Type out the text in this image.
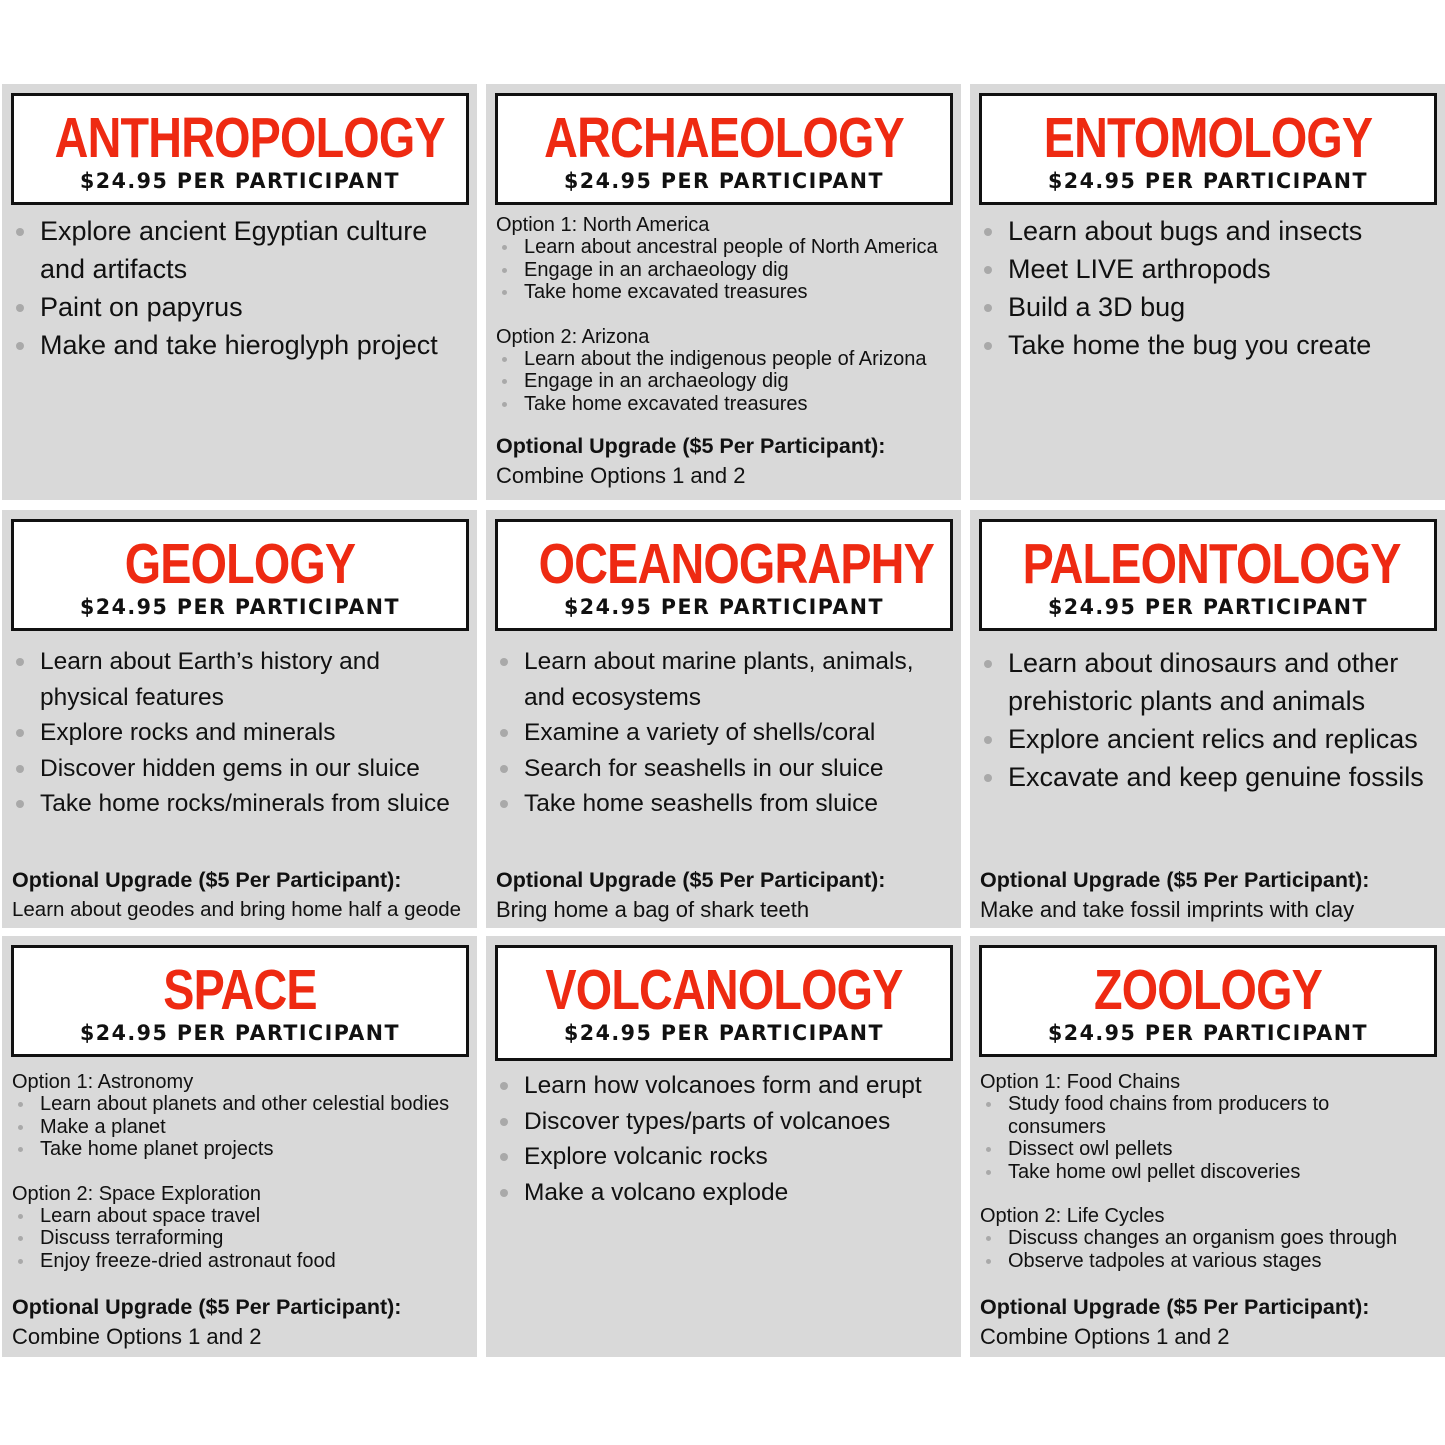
ANTHROPOLOGY
$24.95 PER PARTICIPANT
Explore ancient Egyptian culture and artifacts
Paint on papyrus
Make and take hieroglyph project
ARCHAEOLOGY
$24.95 PER PARTICIPANT

Option 1: North America

Learn about ancestral people of North America
Engage in an archaeology dig
Take home excavated treasures

Option 2: Arizona

Learn about the indigenous people of Arizona
Engage in an archaeology dig
Take home excavated treasures
Optional Upgrade ($5 Per Participant):
Combine Options 1 and 2
ENTOMOLOGY
$24.95 PER PARTICIPANT
Learn about bugs and insects
Meet LIVE arthropods
Build a 3D bug
Take home the bug you create
GEOLOGY
$24.95 PER PARTICIPANT
Learn about Earth’s history and physical features
Explore rocks and minerals
Discover hidden gems in our sluice
Take home rocks/minerals from sluice
Optional Upgrade ($5 Per Participant):
Learn about geodes and bring home half a geode
OCEANOGRAPHY
$24.95 PER PARTICIPANT
Learn about marine plants, animals, and ecosystems
Examine a variety of shells/coral
Search for seashells in our sluice
Take home seashells from sluice
Optional Upgrade ($5 Per Participant):
Bring home a bag of shark teeth
PALEONTOLOGY
$24.95 PER PARTICIPANT
Learn about dinosaurs and other prehistoric plants and animals
Explore ancient relics and replicas
Excavate and keep genuine fossils
Optional Upgrade ($5 Per Participant):
Make and take fossil imprints with clay
SPACE
$24.95 PER PARTICIPANT

Option 1: Astronomy

Learn about planets and other celestial bodies
Make a planet
Take home planet projects

Option 2: Space Exploration

Learn about space travel
Discuss terraforming
Enjoy freeze-dried astronaut food
Optional Upgrade ($5 Per Participant):
Combine Options 1 and 2
VOLCANOLOGY
$24.95 PER PARTICIPANT
Learn how volcanoes form and erupt
Discover types/parts of volcanoes
Explore volcanic rocks
Make a volcano explode
ZOOLOGY
$24.95 PER PARTICIPANT

Option 1: Food Chains

Study food chains from producers to consumers
Dissect owl pellets
Take home owl pellet discoveries

Option 2: Life Cycles

Discuss changes an organism goes through
Observe tadpoles at various stages
Optional Upgrade ($5 Per Participant):
Combine Options 1 and 2
